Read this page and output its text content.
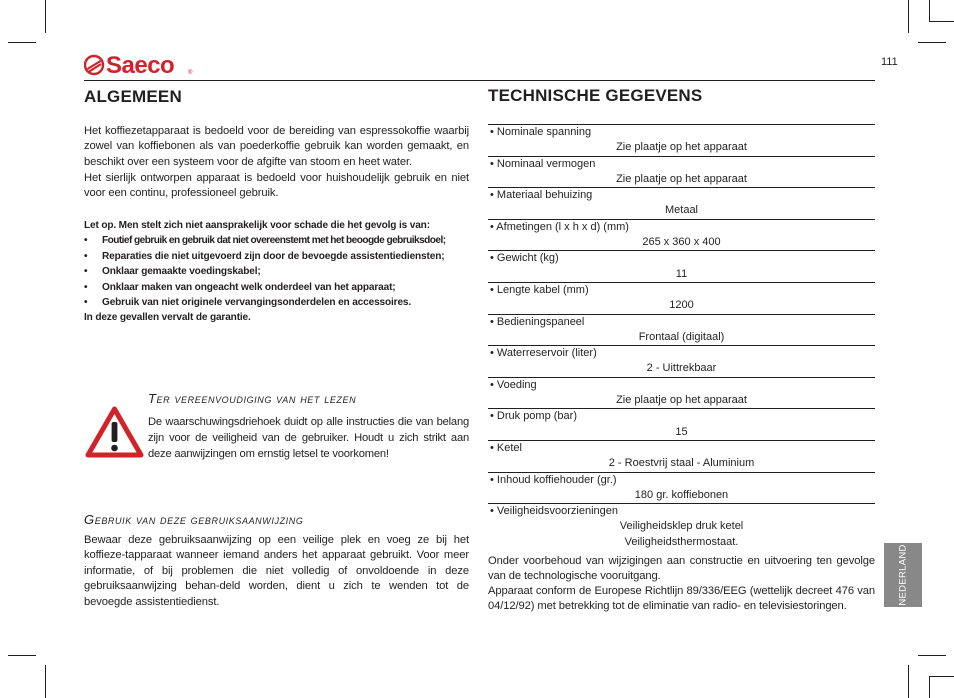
Saeco ®
111
ALGEMEEN
Het koffiezetapparaat is bedoeld voor de bereiding van espressokoffie waarbij zowel van koffiebonen als van poederkoffie gebruik kan worden gemaakt, en beschikt over een systeem voor de afgifte van stoom en heet water.
Het sierlijk ontworpen apparaat is bedoeld voor huishoudelijk gebruik en niet voor een continu, professioneel gebruik.
Let op. Men stelt zich niet aansprakelijk voor schade die het gevolg is van:
• Foutief gebruik en gebruik dat niet overeenstemt met het beoogde gebruiksdoel;
• Reparaties die niet uitgevoerd zijn door de bevoegde assistentiediensten;
• Onklaar gemaakte voedingskabel;
• Onklaar maken van ongeacht welk onderdeel van het apparaat;
• Gebruik van niet originele vervangingsonderdelen en accessoires.
In deze gevallen vervalt de garantie.
Ter vereenvoudiging van het lezen
De waarschuwingsdriehoek duidt op alle instructies die van belang zijn voor de veiligheid van de gebruiker. Houdt u zich strikt aan deze aanwijzingen om ernstig letsel te voorkomen!
Gebruik van deze gebruiksaanwijzing
Bewaar deze gebruiksaanwijzing op een veilige plek en voeg ze bij het koffieze-tapparaat wanneer iemand anders het apparaat gebruikt. Voor meer informatie, of bij problemen die niet volledig of onvoldoende in deze gebruiksaanwijzing behan-deld worden, dient u zich te wenden tot de bevoegde assistentiedienst.
TECHNISCHE GEGEVENS
• Nominale spanning
Zie plaatje op het apparaat
• Nominaal vermogen
Zie plaatje op het apparaat
• Materiaal behuizing
Metaal
• Afmetingen (l x h x d) (mm)
265 x 360 x 400
• Gewicht (kg)
11
• Lengte kabel (mm)
1200
• Bedieningspaneel
Frontaal (digitaal)
• Waterreservoir (liter)
2 - Uittrekbaar
• Voeding
Zie plaatje op het apparaat
• Druk pomp (bar)
15
• Ketel
2 - Roestvrij staal - Aluminium
• Inhoud koffiehouder (gr.)
180 gr. koffiebonen
• Veiligheidsvoorzieningen
Veiligheidsklep druk ketel
Veiligheidsthermostaat.
Onder voorbehoud van wijzigingen aan constructie en uitvoering ten gevolge van de technologische vooruitgang.
Apparaat conform de Europese Richtlijn 89/336/EEG (wettelijk decreet 476 van 04/12/92) met betrekking tot de eliminatie van radio- en televisiestoringen.
NEDERLAND
